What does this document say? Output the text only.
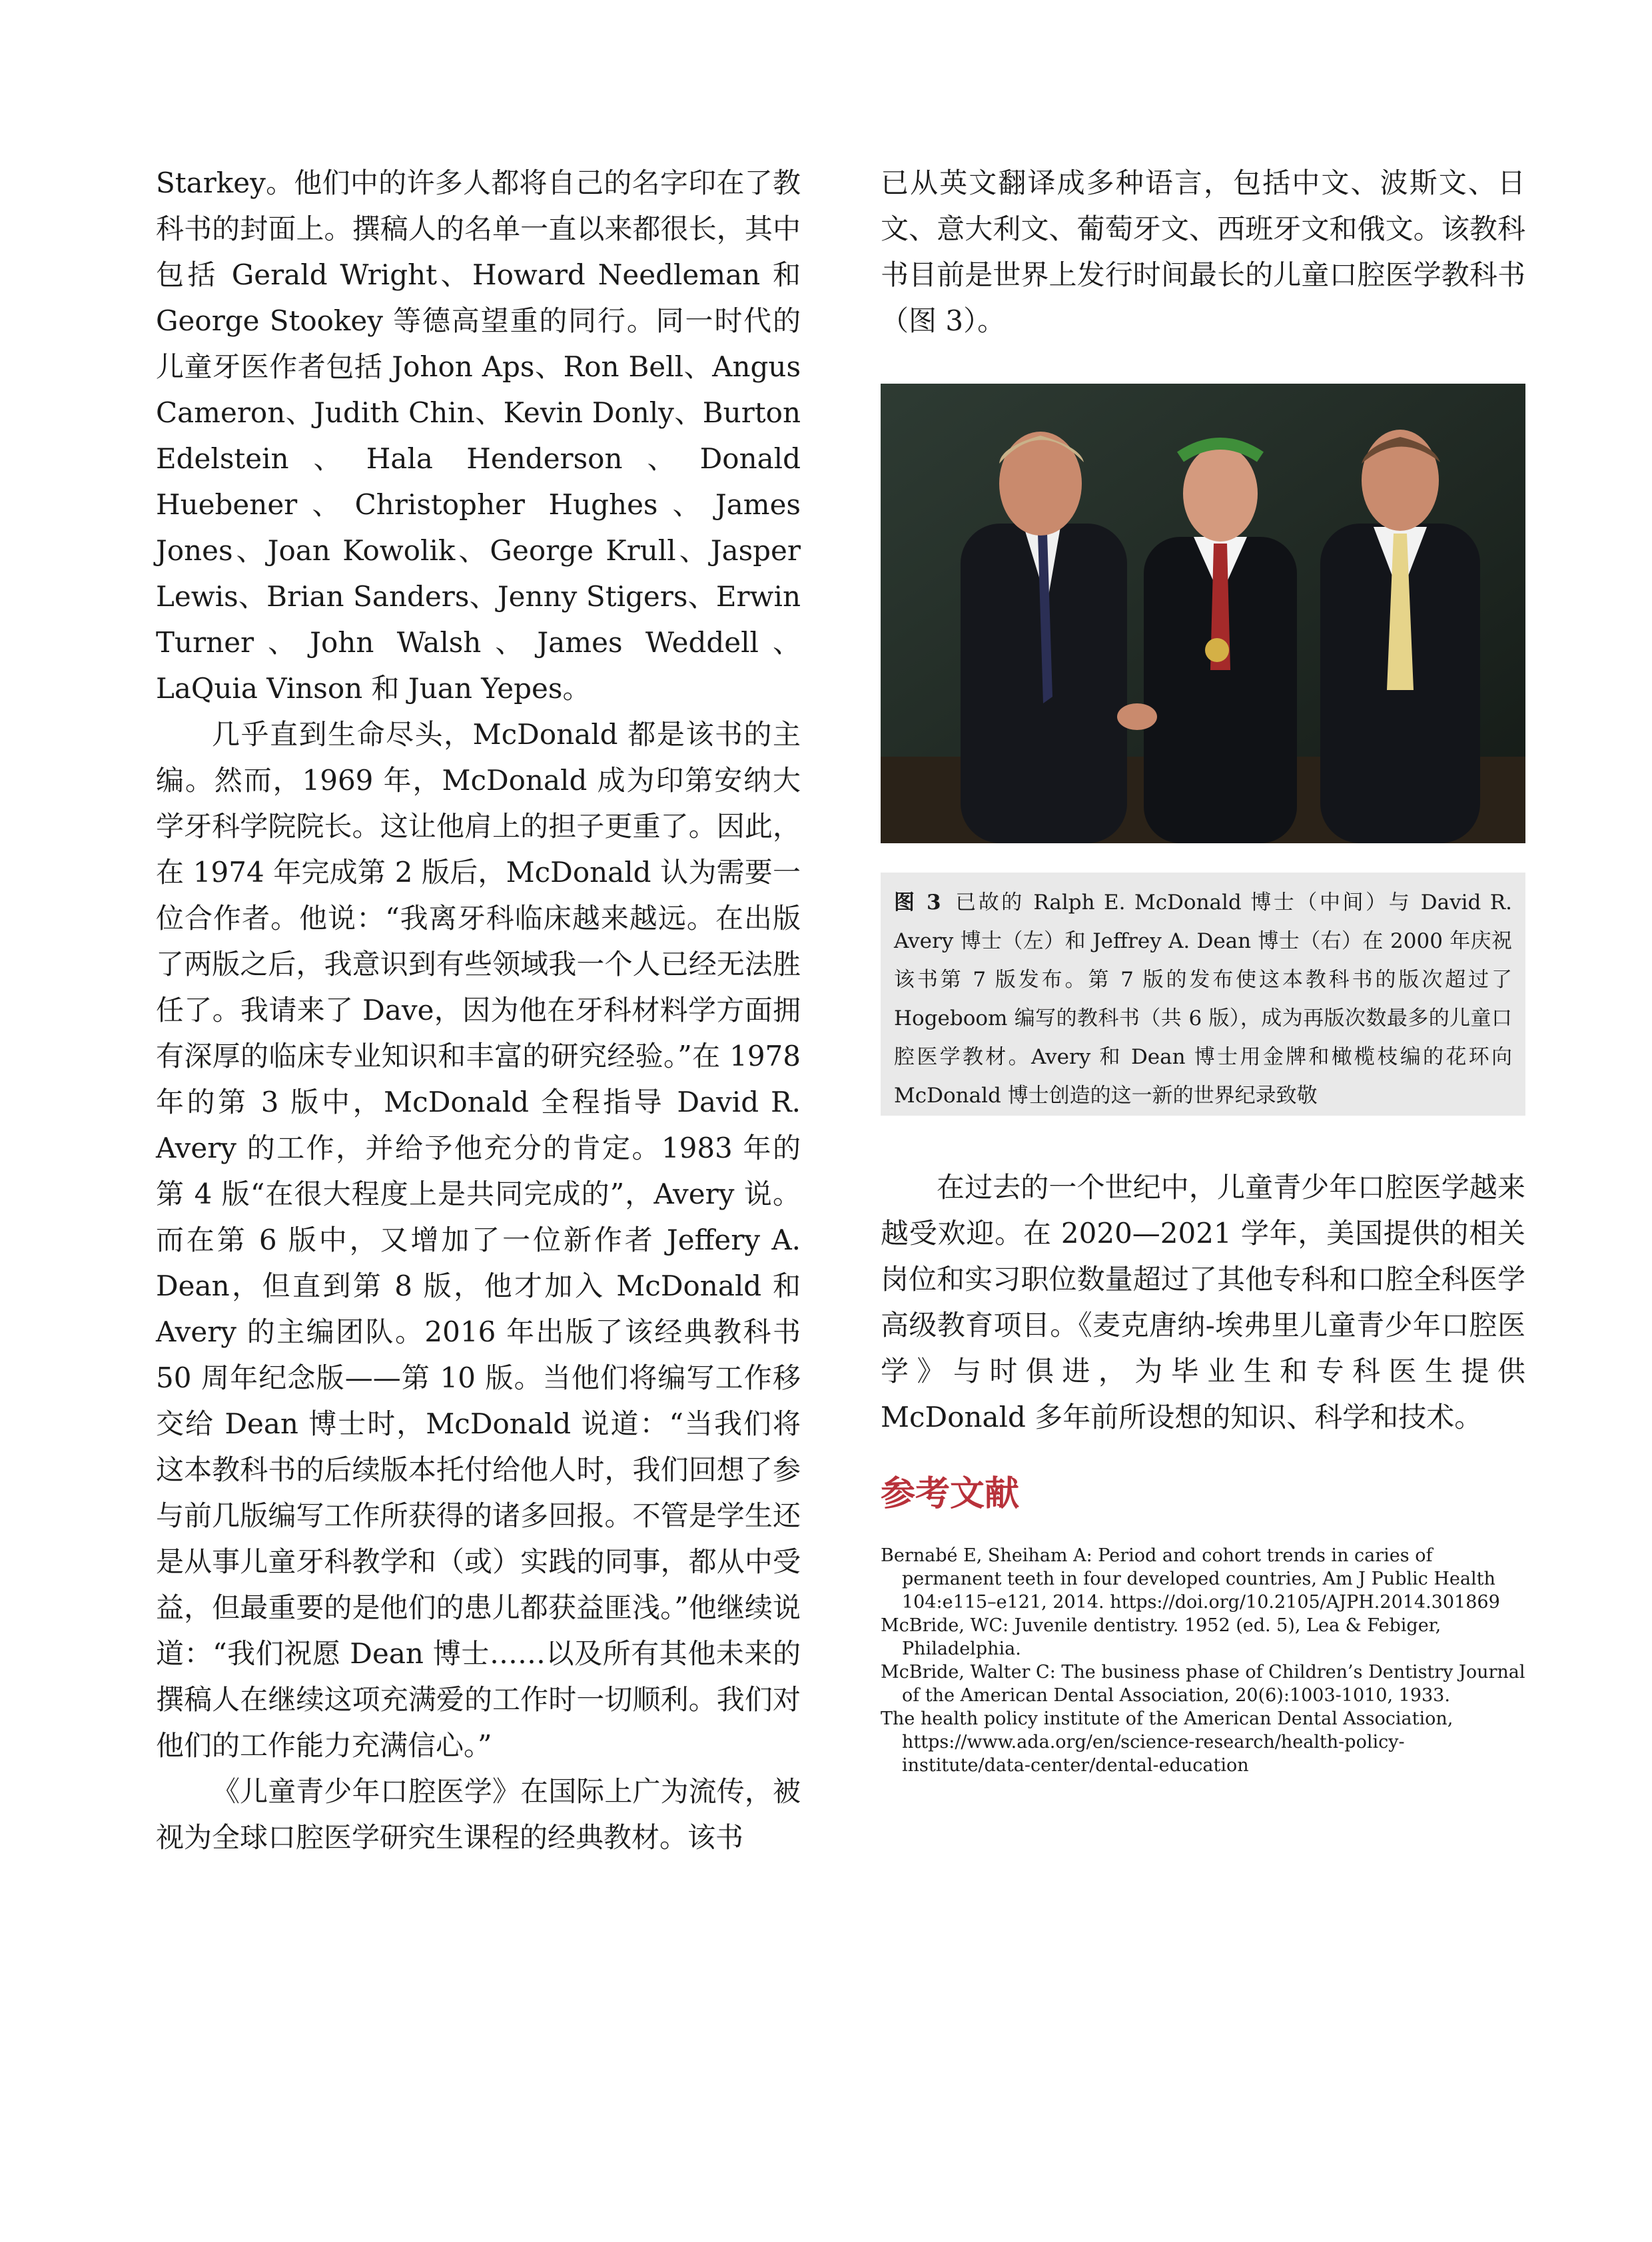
Starkey。他们中的许多人都将自己的名字印在了教科书的封面上。撰稿人的名单一直以来都很长，其中包括 Gerald Wright、Howard Needleman 和 George Stookey 等德高望重的同行。同一时代的儿童牙医作者包括 Johon Aps、Ron Bell、Angus Cameron、Judith Chin、Kevin Donly、Burton Edelstein、Hala Henderson、Donald Huebener、Christopher Hughes、James Jones、Joan Kowolik、George Krull、Jasper Lewis、Brian Sanders、Jenny Stigers、Erwin Turner、John Walsh、James Weddell、LaQuia Vinson 和 Juan Yepes。

几乎直到生命尽头，McDonald 都是该书的主编。然而，1969 年，McDonald 成为印第安纳大学牙科学院院长。这让他肩上的担子更重了。因此，在 1974 年完成第 2 版后，McDonald 认为需要一位合作者。他说：“我离牙科临床越来越远。在出版了两版之后，我意识到有些领域我一个人已经无法胜任了。我请来了 Dave，因为他在牙科材料学方面拥有深厚的临床专业知识和丰富的研究经验。”在 1978 年的第 3 版中，McDonald 全程指导 David R. Avery 的工作，并给予他充分的肯定。1983 年的第 4 版“在很大程度上是共同完成的”，Avery 说。而在第 6 版中，又增加了一位新作者 Jeffery A. Dean，但直到第 8 版，他才加入 McDonald 和 Avery 的主编团队。2016 年出版了该经典教科书 50 周年纪念版——第 10 版。当他们将编写工作移交给 Dean 博士时，McDonald 说道：“当我们将这本教科书的后续版本托付给他人时，我们回想了参与前几版编写工作所获得的诸多回报。不管是学生还是从事儿童牙科教学和（或）实践的同事，都从中受益，但最重要的是他们的患儿都获益匪浅。”他继续说道：“我们祝愿 Dean 博士……以及所有其他未来的撰稿人在继续这项充满爱的工作时一切顺利。我们对他们的工作能力充满信心。”

《儿童青少年口腔医学》在国际上广为流传，被视为全球口腔医学研究生课程的经典教材。该书

已从英文翻译成多种语言，包括中文、波斯文、日文、意大利文、葡萄牙文、西班牙文和俄文。该教科书目前是世界上发行时间最长的儿童口腔医学教科书（图 3）。

图 3 已故的 Ralph E. McDonald 博士（中间）与 David R. Avery 博士（左）和 Jeffrey A. Dean 博士（右）在 2000 年庆祝该书第 7 版发布。第 7 版的发布使这本教科书的版次超过了 Hogeboom 编写的教科书（共 6 版），成为再版次数最多的儿童口腔医学教材。Avery 和 Dean 博士用金牌和橄榄枝编的花环向 McDonald 博士创造的这一新的世界纪录致敬

在过去的一个世纪中，儿童青少年口腔医学越来越受欢迎。在 2020—2021 学年，美国提供的相关岗位和实习职位数量超过了其他专科和口腔全科医学高级教育项目。《麦克唐纳-埃弗里儿童青少年口腔医学》与时俱进，为毕业生和专科医生提供 McDonald 多年前所设想的知识、科学和技术。

参考文献
Bernabé E, Sheiham A: Period and cohort trends in caries of permanent teeth in four developed countries, Am J Public Health 104:e115–e121, 2014. https://doi.org/10.2105/AJPH.2014.301869
McBride, WC: Juvenile dentistry. 1952 (ed. 5), Lea & Febiger, Philadelphia.
McBride, Walter C: The business phase of Children’s Dentistry Journal of the American Dental Association, 20(6):1003-1010, 1933.
The health policy institute of the American Dental Association, https://www.ada.org/en/science-research/health-policy-institute/data-center/dental-education
